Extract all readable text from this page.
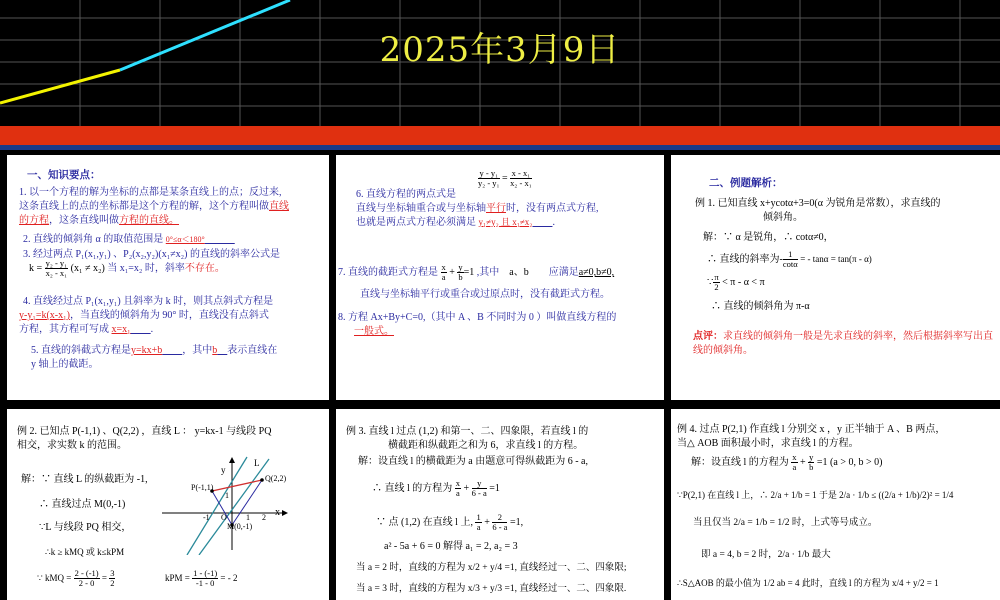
2025年3月9日
一、知识要点：
1. 以一个方程的解为坐标的点都是某条直线上的点；反过来,
这条直线上的点的坐标都是这个方程的解，这个方程叫做直线
的方程，这条直线叫做方程的直线。
2. 直线的倾斜角 α 的取值范围是 0°≤α＜180°　　　
3. 经过两点 P₁(x₁,y₁) 、P₂(x₂,y₂)(x₁≠x₂) 的直线的斜率公式是
$k = \frac{\text{y₂ - y₁}}{\text{x₂ - x₁}} (x_1 \ne x_2)$ 当 x₁=x₂ 时，斜率不存在。
4. 直线经过点 P₁(x₁,y₁) 且斜率为 k 时，则其点斜式方程是
y-y₁=k(x-x₁)，当直线的倾斜角为 90° 时，直线没有点斜式
方程，其方程可写成 x=x₁　　 .
5. 直线的斜截式方程是y=kx+b　　 ，其中b　 表示直线在
y 轴上的截距。
$\frac{\text{y - y₁}}{\text{y₂ - y₁}} = \frac{\text{x - x₁}}{\text{x₂ - x₁}}$
6. 直线方程的两点式是
直线与坐标轴重合或与坐标轴平行时，没有两点式方程,
也就是两点式方程必须满足 y₁≠y₂ 且 x₁≠x₂　　 .
7. 直线的截距式方程是 $\frac{x}{a} + \frac{y}{b} =1$ ,其中　 a、b　　 应满足a≠0,b≠0,
直线与坐标轴平行或重合或过原点时，没有截距式方程。
8. 方程 Ax+By+C=0,（其中 A 、B 不同时为 0 ）叫做直线方程的
一般式。
二、例题解析：
例 1. 已知直线 x+ycotα+3=0(α 为锐角是常数），求直线的
倾斜角。
解：∵ α 是锐角，∴ cotα≠0，
∴ 直线的斜率为- $\frac{1}{\cot\alpha}$ = - tanα = tan(π - α)
∵ $\frac{\pi}{2} < \pi - \alpha < \pi$
∴ 直线的倾斜角为 π-α
点评：求直线的倾斜角一般是先求直线的斜率，然后根据斜率写出直线的倾斜角。
例 2. 已知点 P(-1,1) 、Q(2,2) ，直线 L ： y=kx-1 与线段 PQ
相交，求实数 k 的范围。
解：∵ 直线 L 的纵截距为 -1,
∴ 直线过点 M(0,-1)
∵L 与线段 PQ 相交，
∴k ≥ kMQ 或 k≤kPM
∵ kMQ = $\frac{2 - (-1)}{2 - 0} = \frac{3}{2}$	kPM = $\frac{1 - (-1)}{-1 - 0}$ = - 2
L
y
x
P(-1,1)
Q(2,2)
M(0,-1)
O
-1	1 2
1
例 3. 直线 l 过点 (1,2) 和第一、二、四象限，若直线 l 的
横截距和纵截距之和为 6，求直线 l 的方程。
解：设直线 l 的横截距为 a 由题意可得纵截距为 6 - a,
∴ 直线 l 的方程为 $\frac{x}{a} + \frac{y}{6 - a} =1$
∵ 点 (1,2) 在直线 l 上, $\frac{1}{a} + \frac{2}{6 - a} =1$,
a² - 5a + 6 = 0 解得 a₁ = 2, a₂ = 3
当 a = 2 时，直线的方程为 x/2 + y/4 =1, 直线经过一、二、四象限;
当 a = 3 时，直线的方程为 x/3 + y/3 =1, 直线经过一、二、四象限.
例 4. 过点 P(2,1) 作直线 l 分别交 x ，y 正半轴于 A 、B 两点，
当△ AOB 面积最小时，求直线 l 的方程。
解：设直线 l 的方程为 $\frac{x}{a} + \frac{y}{b} =1$ (a > 0, b > 0)
∵P(2,1) 在直线 l 上，∴ 2/a + 1/b = 1 于是 2/a · 1/b ≤ ((2/a + 1/b)/2)² = 1/4
当且仅当 2/a = 1/b = 1/2 时，上式等号成立。
即 a = 4, b = 2 时，2/a · 1/b 最大
∴S△AOB 的最小值为 1/2 ab = 4 此时，直线 l 的方程为 x/4 + y/2 = 1
